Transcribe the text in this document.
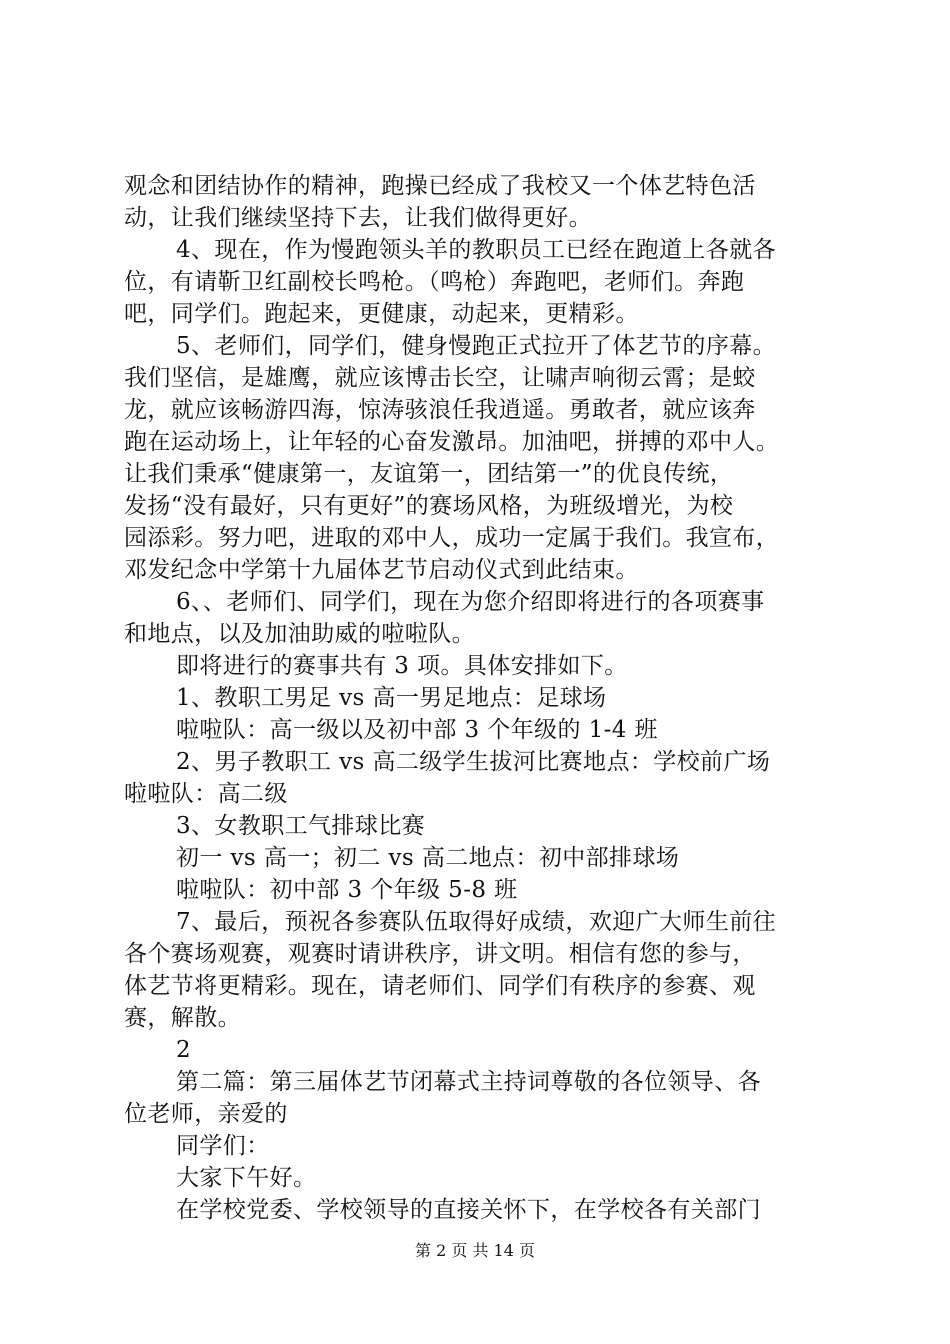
观念和团结协作的精神，跑操已经成了我校又一个体艺特色活
动，让我们继续坚持下去，让我们做得更好。
4、现在，作为慢跑领头羊的教职员工已经在跑道上各就各
位，有请靳卫红副校长鸣枪。（鸣枪）奔跑吧，老师们。奔跑
吧，同学们。跑起来，更健康，动起来，更精彩。
5、老师们，同学们，健身慢跑正式拉开了体艺节的序幕。
我们坚信，是雄鹰，就应该博击长空，让啸声响彻云霄；是蛟
龙，就应该畅游四海，惊涛骇浪任我逍遥。勇敢者，就应该奔
跑在运动场上，让年轻的心奋发激昂。加油吧，拼搏的邓中人。
让我们秉承“健康第一，友谊第一，团结第一”的优良传统，
发扬“没有最好，只有更好”的赛场风格，为班级增光，为校
园添彩。努力吧，进取的邓中人，成功一定属于我们。我宣布，
邓发纪念中学第十九届体艺节启动仪式到此结束。
6、、老师们、同学们，现在为您介绍即将进行的各项赛事
和地点，以及加油助威的啦啦队。
即将进行的赛事共有 3 项。具体安排如下。
1、教职工男足 vs 高一男足地点：足球场
啦啦队：高一级以及初中部 3 个年级的 1-4 班
2、男子教职工 vs 高二级学生拔河比赛地点：学校前广场
啦啦队：高二级
3、女教职工气排球比赛
初一 vs 高一；初二 vs 高二地点：初中部排球场
啦啦队：初中部 3 个年级 5-8 班
7、最后，预祝各参赛队伍取得好成绩，欢迎广大师生前往
各个赛场观赛，观赛时请讲秩序，讲文明。相信有您的参与，
体艺节将更精彩。现在，请老师们、同学们有秩序的参赛、观
赛，解散。
2
第二篇：第三届体艺节闭幕式主持词尊敬的各位领导、各
位老师，亲爱的
同学们：
大家下午好。
在学校党委、学校领导的直接关怀下，在学校各有关部门
第 2 页 共 14 页
